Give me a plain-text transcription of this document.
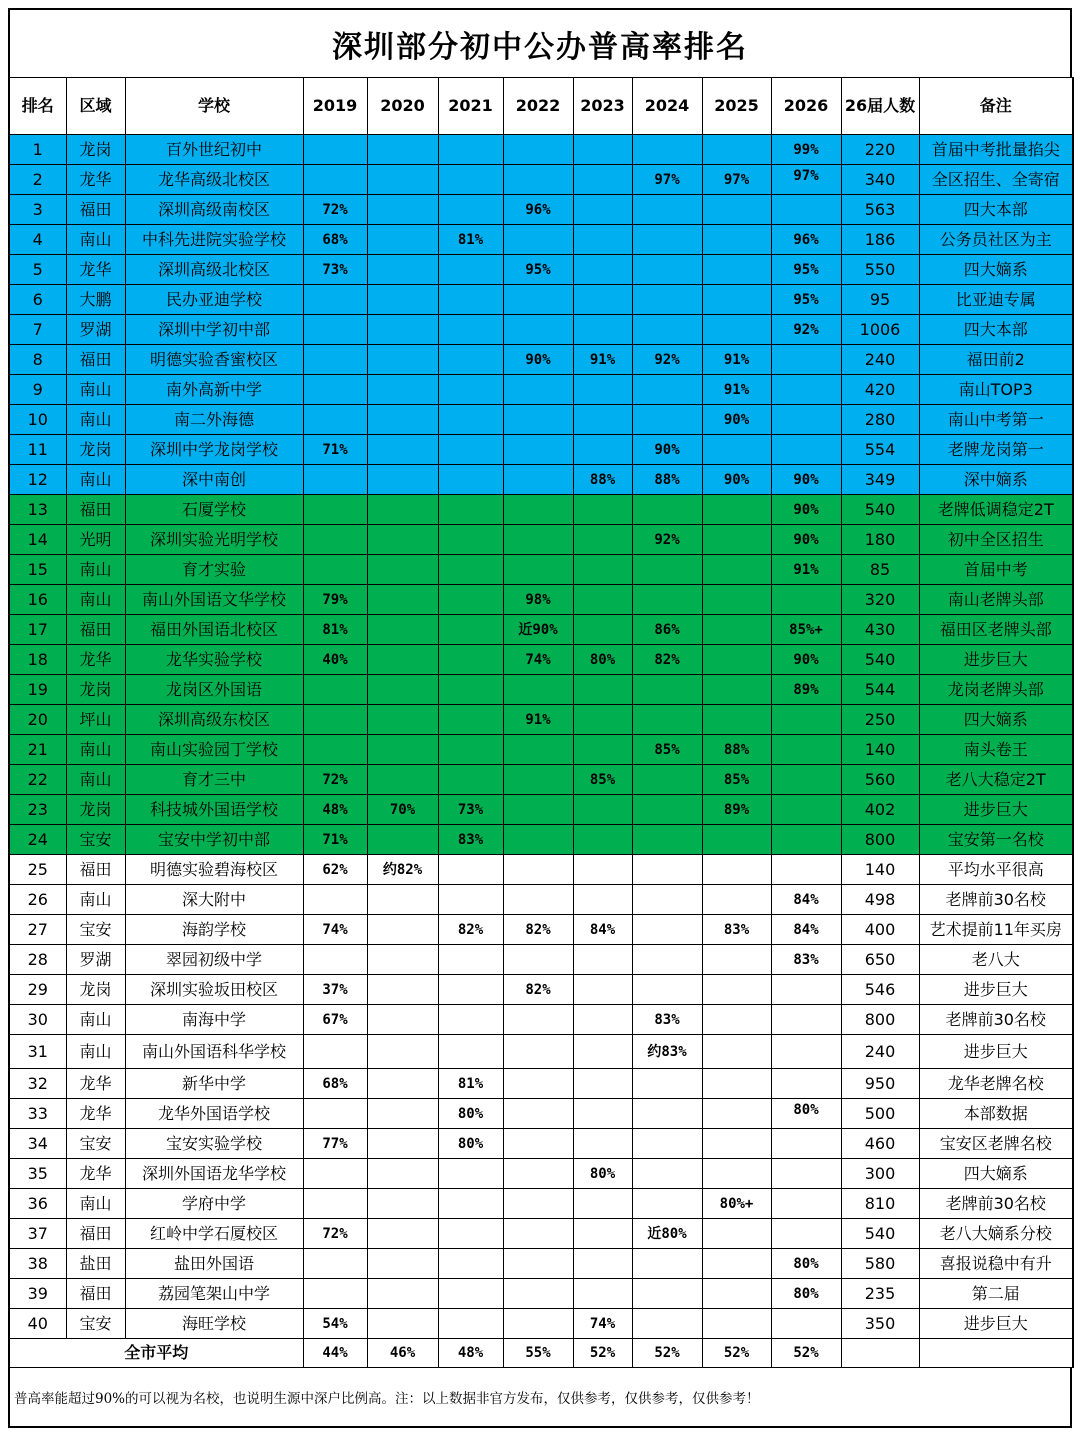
深圳部分初中公办普高率排名
排名	区域	学校	2019	2020	2021	2022	2023	2024	2025	2026	26届人数	备注
1	龙岗	百外世纪初中								99%	220	首届中考批量掐尖
2	龙华	龙华高级北校区						97%	97%	97%	340	全区招生、全寄宿
3	福田	深圳高级南校区	72%			96%					563	四大本部
4	南山	中科先进院实验学校	68%		81%					96%	186	公务员社区为主
5	龙华	深圳高级北校区	73%			95%				95%	550	四大嫡系
6	大鹏	民办亚迪学校								95%	95	比亚迪专属
7	罗湖	深圳中学初中部								92%	1006	四大本部
8	福田	明德实验香蜜校区				90%	91%	92%	91%		240	福田前2
9	南山	南外高新中学							91%		420	南山TOP3
10	南山	南二外海德							90%		280	南山中考第一
11	龙岗	深圳中学龙岗学校	71%					90%			554	老牌龙岗第一
12	南山	深中南创					88%	88%	90%	90%	349	深中嫡系
13	福田	石厦学校								90%	540	老牌低调稳定2T
14	光明	深圳实验光明学校						92%		90%	180	初中全区招生
15	南山	育才实验								91%	85	首届中考
16	南山	南山外国语文华学校	79%			98%					320	南山老牌头部
17	福田	福田外国语北校区	81%			近90%		86%		85%+	430	福田区老牌头部
18	龙华	龙华实验学校	40%			74%	80%	82%		90%	540	进步巨大
19	龙岗	龙岗区外国语								89%	544	龙岗老牌头部
20	坪山	深圳高级东校区				91%					250	四大嫡系
21	南山	南山实验园丁学校						85%	88%		140	南头卷王
22	南山	育才三中	72%				85%		85%		560	老八大稳定2T
23	龙岗	科技城外国语学校	48%	70%	73%				89%		402	进步巨大
24	宝安	宝安中学初中部	71%		83%						800	宝安第一名校
25	福田	明德实验碧海校区	62%	约82%							140	平均水平很高
26	南山	深大附中								84%	498	老牌前30名校
27	宝安	海韵学校	74%		82%	82%	84%		83%	84%	400	艺术提前11年买房
28	罗湖	翠园初级中学								83%	650	老八大
29	龙岗	深圳实验坂田校区	37%			82%					546	进步巨大
30	南山	南海中学	67%					83%			800	老牌前30名校
31	南山	南山外国语科华学校						约83%			240	进步巨大
32	龙华	新华中学	68%		81%						950	龙华老牌名校
33	龙华	龙华外国语学校			80%					80%	500	本部数据
34	宝安	宝安实验学校	77%		80%						460	宝安区老牌名校
35	龙华	深圳外国语龙华学校					80%				300	四大嫡系
36	南山	学府中学							80%+		810	老牌前30名校
37	福田	红岭中学石厦校区	72%					近80%			540	老八大嫡系分校
38	盐田	盐田外国语								80%	580	喜报说稳中有升
39	福田	荔园笔架山中学								80%	235	第二届
40	宝安	海旺学校	54%				74%				350	进步巨大
全市平均			44%	46%	48%	55%	52%	52%	52%	52%		
普高率能超过90%的可以视为名校，也说明生源中深户比例高。注：以上数据非官方发布，仅供参考，仅供参考，仅供参考！
